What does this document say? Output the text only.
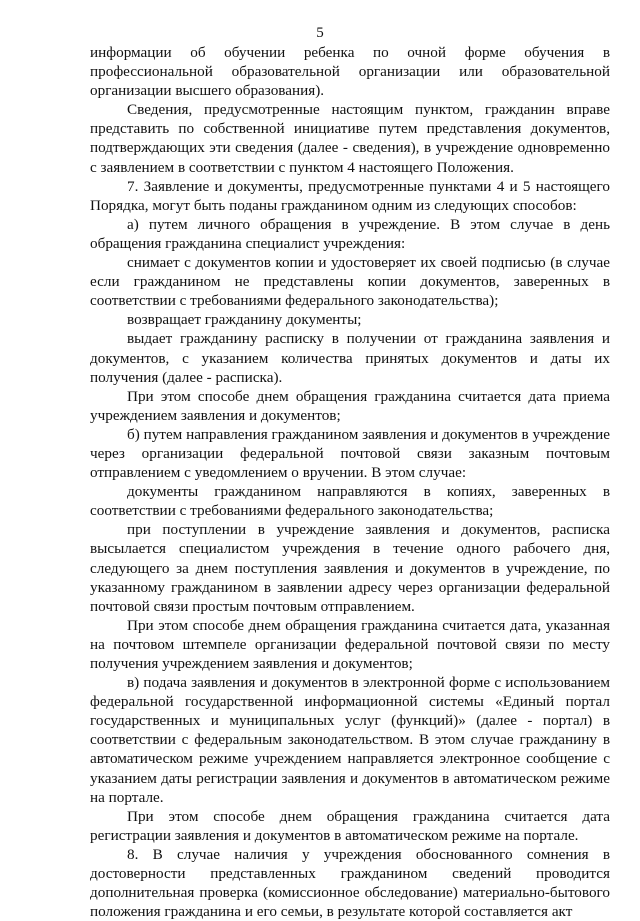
5

информации об обучении ребенка по очной форме обучения в профессиональной образовательной организации или образовательной организации высшего образования).

Сведения, предусмотренные настоящим пунктом, гражданин вправе представить по собственной инициативе путем представления документов, подтверждающих эти сведения (далее - сведения), в учреждение одновременно с заявлением в соответствии с пунктом 4 настоящего Положения.

7. Заявление и документы, предусмотренные пунктами 4 и 5 настоящего Порядка, могут быть поданы гражданином одним из следующих способов:

а) путем личного обращения в учреждение. В этом случае в день обращения гражданина специалист учреждения:

снимает с документов копии и удостоверяет их своей подписью (в случае если гражданином не представлены копии документов, заверенных в соответствии с требованиями федерального законодательства);

возвращает гражданину документы;

выдает гражданину расписку в получении от гражданина заявления и документов, с указанием количества принятых документов и даты их получения (далее - расписка).

При этом способе днем обращения гражданина считается дата приема учреждением заявления и документов;

б) путем направления гражданином заявления и документов в учреждение через организации федеральной почтовой связи заказным почтовым отправлением с уведомлением о вручении. В этом случае:

документы гражданином направляются в копиях, заверенных в соответствии с требованиями федерального законодательства;

при поступлении в учреждение заявления и документов, расписка высылается специалистом учреждения в течение одного рабочего дня, следующего за днем поступления заявления и документов в учреждение, по указанному гражданином в заявлении адресу через организации федеральной почтовой связи простым почтовым отправлением.

При этом способе днем обращения гражданина считается дата, указанная на почтовом штемпеле организации федеральной почтовой связи по месту получения учреждением заявления и документов;

в) подача заявления и документов в электронной форме с использованием федеральной государственной информационной системы «Единый портал государственных и муниципальных услуг (функций)» (далее - портал) в соответствии с федеральным законодательством. В этом случае гражданину в автоматическом режиме учреждением направляется электронное сообщение с указанием даты регистрации заявления и документов в автоматическом режиме на портале.

При этом способе днем обращения гражданина считается дата регистрации заявления и документов в автоматическом режиме на портале.

8. В случае наличия у учреждения обоснованного сомнения в достоверности представленных гражданином сведений проводится дополнительная проверка (комиссионное обследование) материально-бытового положения гражданина и его семьи, в результате которой составляется акт
